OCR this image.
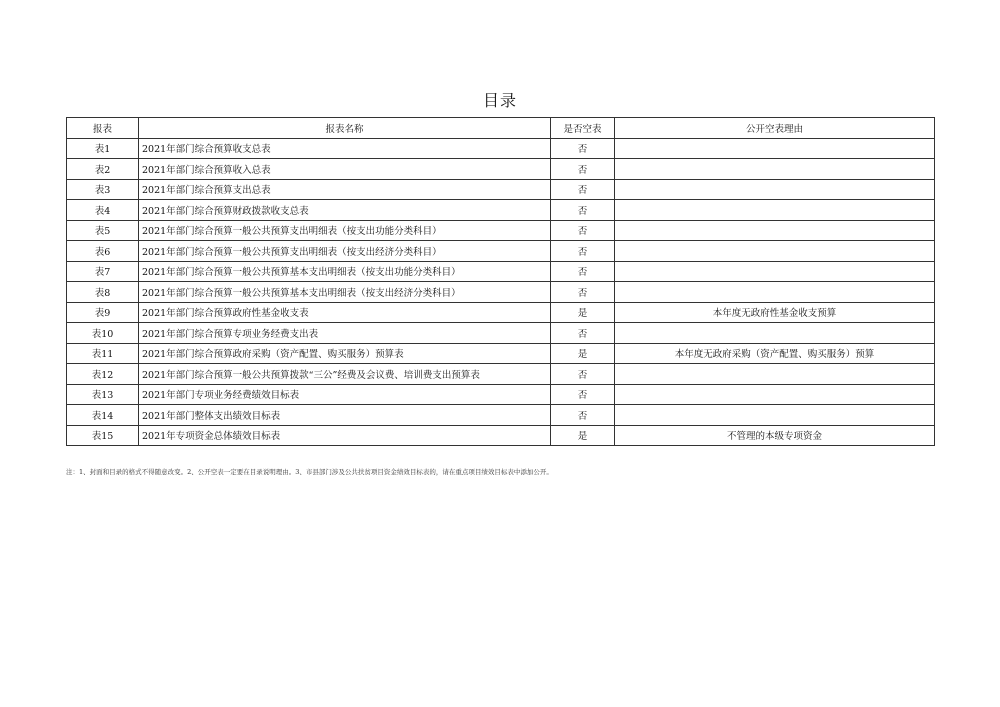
目录
报表	报表名称	是否空表	公开空表理由
表1	2021年部门综合预算收支总表	否	
表2	2021年部门综合预算收入总表	否	
表3	2021年部门综合预算支出总表	否	
表4	2021年部门综合预算财政拨款收支总表	否	
表5	2021年部门综合预算一般公共预算支出明细表（按支出功能分类科目）	否	
表6	2021年部门综合预算一般公共预算支出明细表（按支出经济分类科目）	否	
表7	2021年部门综合预算一般公共预算基本支出明细表（按支出功能分类科目）	否	
表8	2021年部门综合预算一般公共预算基本支出明细表（按支出经济分类科目）	否	
表9	2021年部门综合预算政府性基金收支表	是	本年度无政府性基金收支预算
表10	2021年部门综合预算专项业务经费支出表	否	
表11	2021年部门综合预算政府采购（资产配置、购买服务）预算表	是	本年度无政府采购（资产配置、购买服务）预算
表12	2021年部门综合预算一般公共预算拨款“三公”经费及会议费、培训费支出预算表	否	
表13	2021年部门专项业务经费绩效目标表	否	
表14	2021年部门整体支出绩效目标表	否	
表15	2021年专项资金总体绩效目标表	是	不管理的本级专项资金
注：1、封面和目录的格式不得随意改变。2、公开空表一定要在目录说明理由。3、市县部门涉及公共扶贫项目资金绩效目标表的，请在重点项目绩效目标表中添加公开。
